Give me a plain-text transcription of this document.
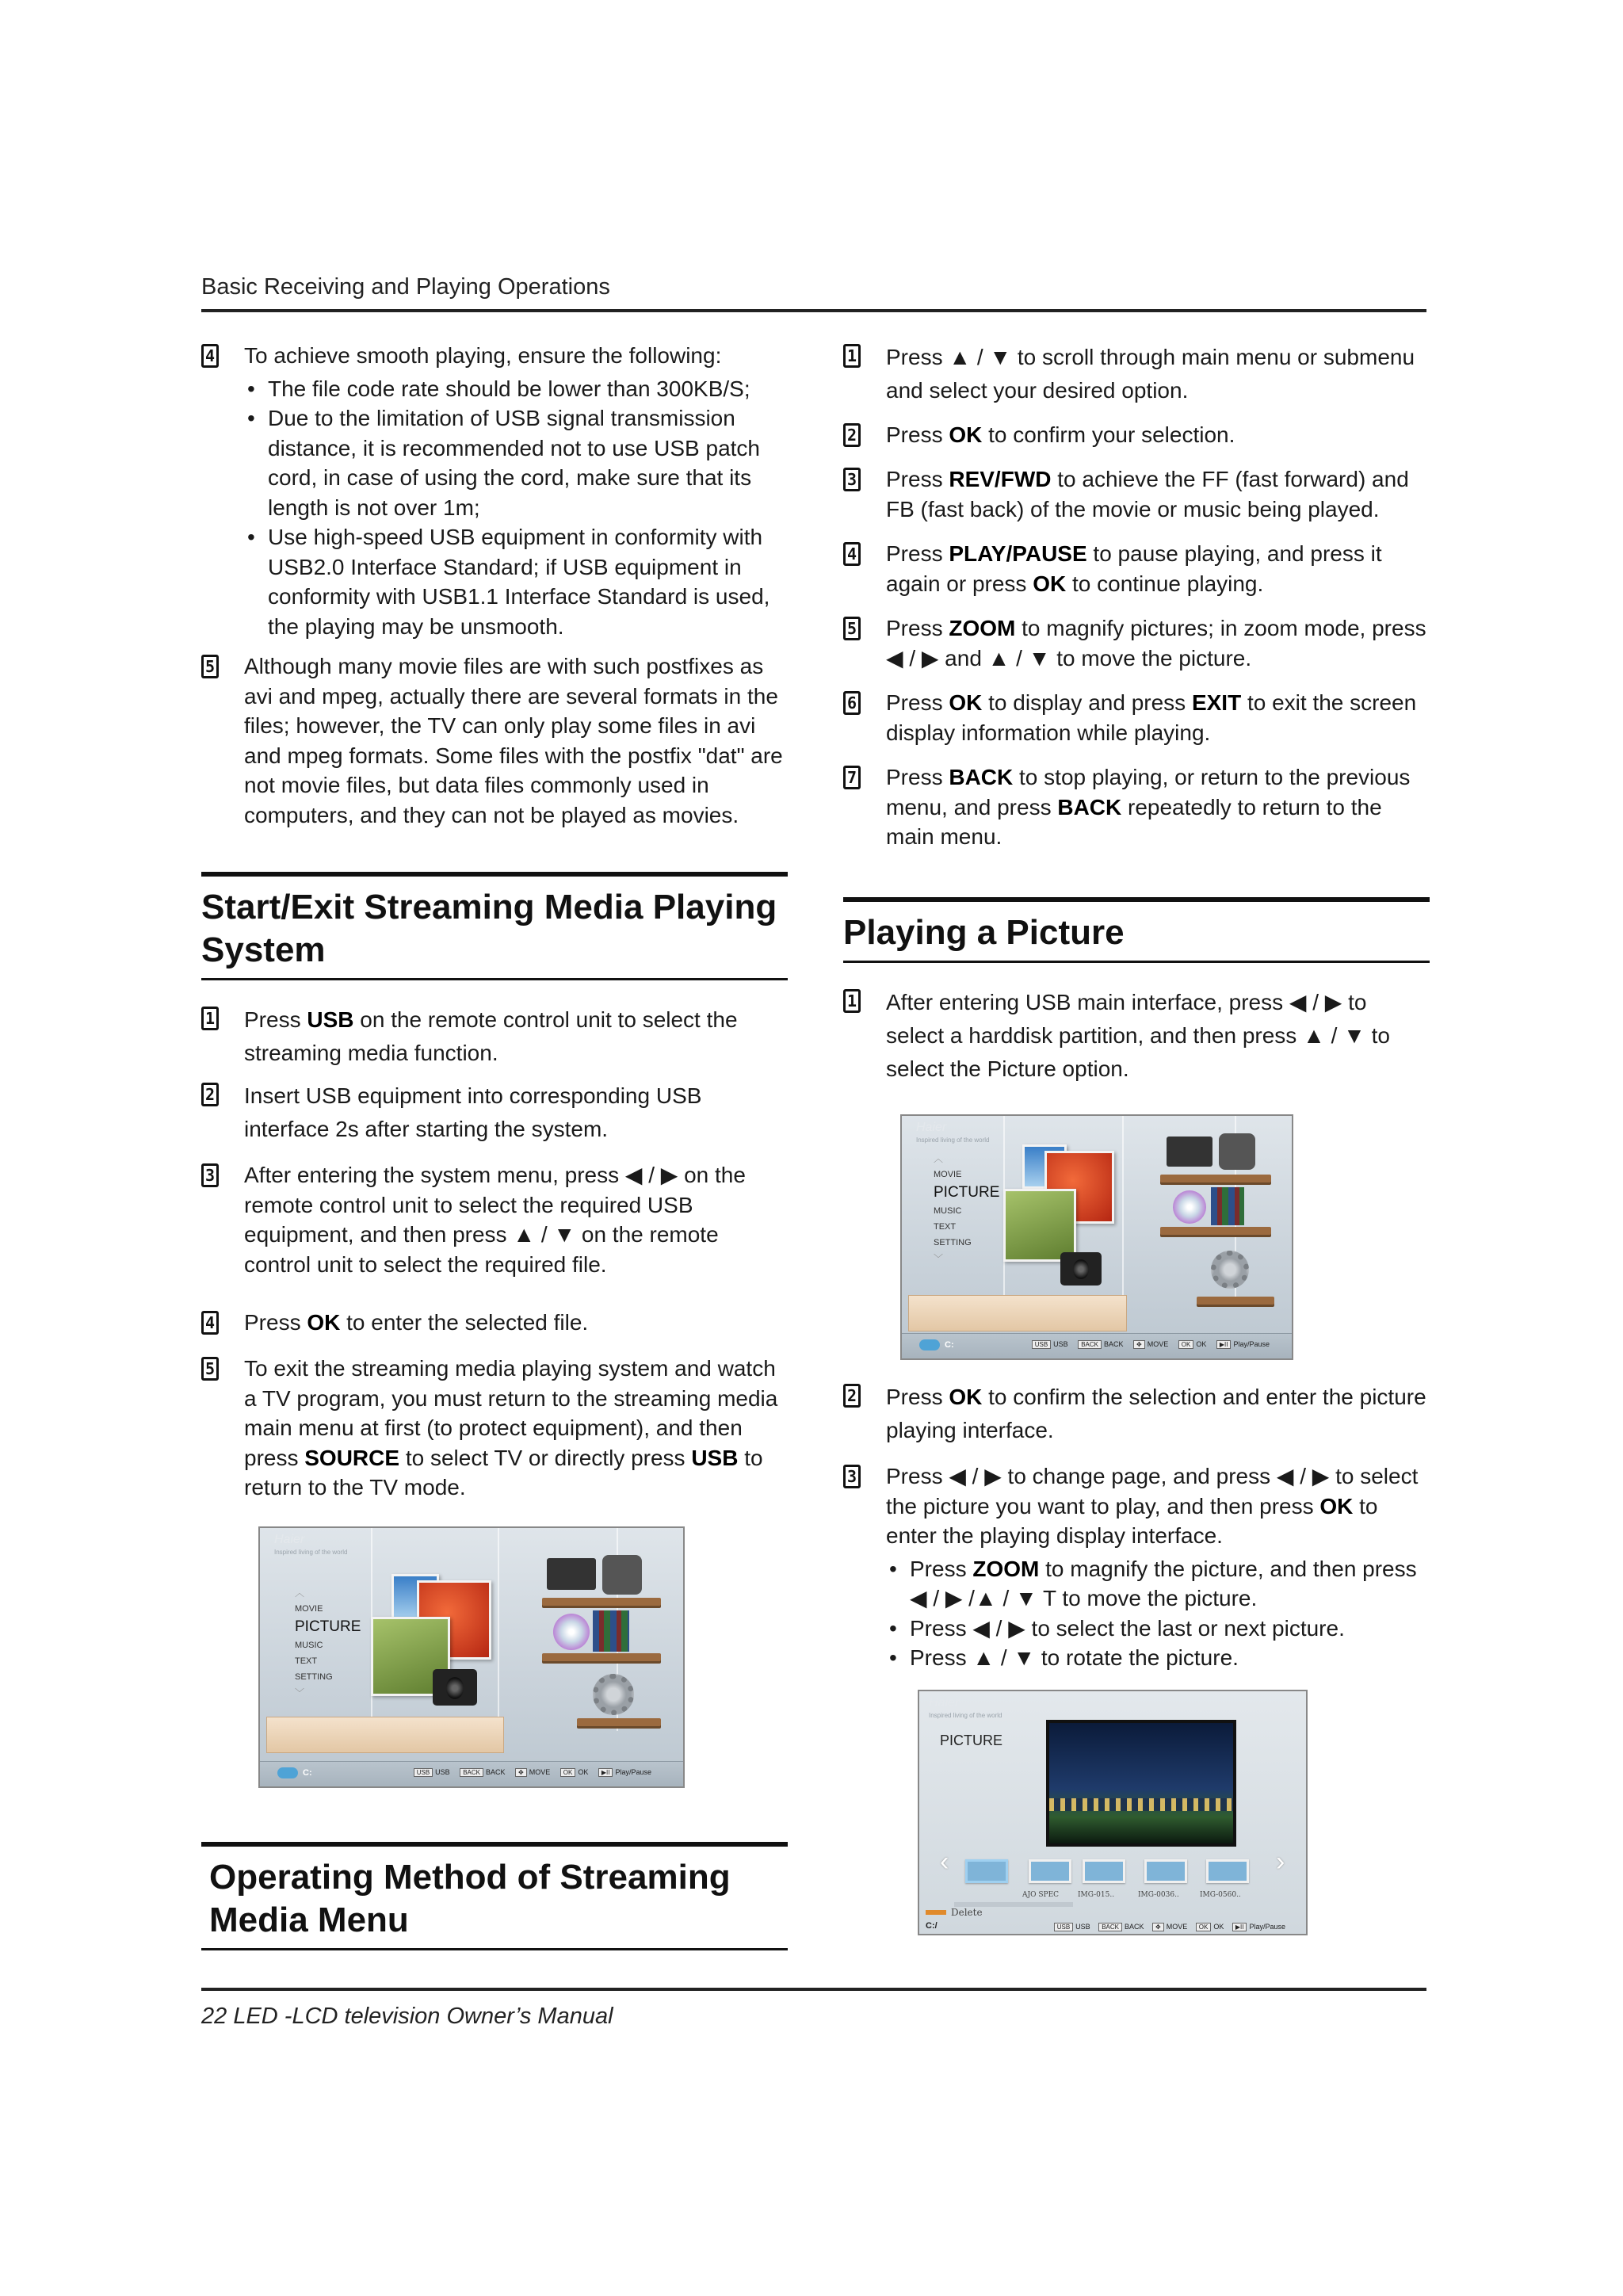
Basic Receiving and Playing Operations
4 To achieve smooth playing, ensure the following:
• The file code rate should be lower than 300KB/S;
• Due to the limitation of USB signal transmission distance, it is recommended not to use USB patch cord, in case of using the cord, make sure that its length is not over 1m;
• Use high-speed USB equipment in conformity with USB2.0 Interface Standard; if USB equipment in conformity with USB1.1 Interface Standard is used, the playing may be unsmooth.
5 Although many movie files are with such postfixes as avi and mpeg, actually there are several formats in the files; however, the TV can only play some files in avi and mpeg formats. Some files with the postfix "dat" are not movie files, but data files commonly used in computers, and they can not be played as movies.
Start/Exit Streaming Media Playing System
1 Press USB on the remote control unit to select the streaming media function.
2 Insert USB equipment into corresponding USB interface 2s after starting the system.
3 After entering the system menu, press ◀ / ▶ on the remote control unit to select the required USB equipment, and then press ▲ / ▼ on the remote control unit to select the required file.
4 Press OK to enter the selected file.
5 To exit the streaming media playing system and watch a TV program, you must return to the streaming media main menu at first (to protect equipment), and then press SOURCE to select TV or directly press USB to return to the TV mode.
Haier
Inspired living of the world
︿
MOVIE
PICTURE
MUSIC
TEXT
SETTING
﹀
C:	USB USB BACK BACK ✥ MOVE OK OK ▶II Play/Pause
Operating Method of Streaming Media Menu
1 Press ▲ / ▼ to scroll through main menu or submenu and select your desired option.
2 Press OK to confirm your selection.
3 Press REV/FWD to achieve the FF (fast forward) and FB (fast back) of the movie or music being played.
4 Press PLAY/PAUSE to pause playing, and press it again or press OK to continue playing.
5 Press ZOOM to magnify pictures; in zoom mode, press ◀ / ▶ and ▲ / ▼ to move the picture.
6 Press OK to display and press EXIT to exit the screen display information while playing.
7 Press BACK to stop playing, or return to the previous menu, and press BACK repeatedly to return to the main menu.
Playing a Picture
1 After entering USB main interface, press ◀ / ▶ to select a harddisk partition, and then press ▲ / ▼ to select the Picture option.
Haier
Inspired living of the world
︿
MOVIE
PICTURE
MUSIC
TEXT
SETTING
﹀
C:	USB USB BACK BACK ✥ MOVE OK OK ▶II Play/Pause
2 Press OK to confirm the selection and enter the picture playing interface.
3 Press ◀ / ▶ to change page, and press ◀ / ▶ to select the picture you want to play, and then press OK to enter the playing display interface.
• Press ZOOM to magnify the picture, and then press ◀ / ▶ /▲ / ▼ T to move the picture.
• Press ◀ / ▶ to select the last or next picture.
• Press ▲ / ▼ to rotate the picture.
Haier
Inspired living of the world
PICTURE
‹	›
AJO SPEC	IMG-015..	IMG-0036..	IMG-0560..
Delete
C:/	USB USB BACK BACK ✥ MOVE OK OK ▶II Play/Pause
22 LED -LCD television Owner’s Manual
